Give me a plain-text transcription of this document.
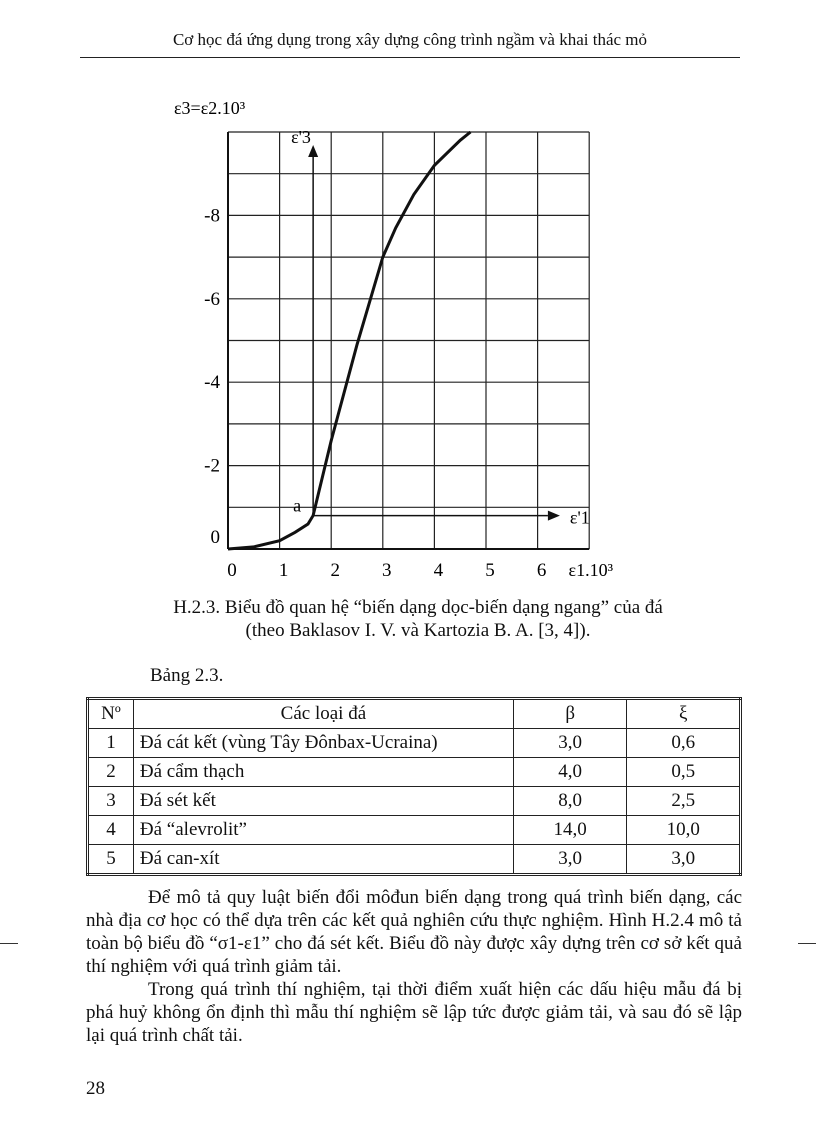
Cơ học đá ứng dụng trong xây dựng công trình ngầm và khai thác mỏ
0 1 2 3 4 5 6 ε1.10³
0
-2
-4
-6
-8
ε3=ε2.10³
ε'1
ε'3
a
H.2.3. Biểu đồ quan hệ “biến dạng dọc-biến dạng ngang” của đá
(theo Baklasov I. V. và Kartozia B. A. [3, 4]).
Bảng 2.3.
Nº	Các loại đá	β	ξ
1	Đá cát kết (vùng Tây Đônbax-Ucraina)	3,0	0,6
2	Đá cẩm thạch	4,0	0,5
3	Đá sét kết	8,0	2,5
4	Đá “alevrolit”	14,0	10,0
5	Đá can-xít	3,0	3,0
Để mô tả quy luật biến đổi môđun biến dạng trong quá trình biến dạng, các nhà địa cơ học có thể dựa trên các kết quả nghiên cứu thực nghiệm. Hình H.2.4 mô tả toàn bộ biểu đồ “σ1-ε1” cho đá sét kết. Biểu đồ này được xây dựng trên cơ sở kết quả thí nghiệm với quá trình giảm tải.
Trong quá trình thí nghiệm, tại thời điểm xuất hiện các dấu hiệu mẫu đá bị phá huỷ không ổn định thì mẫu thí nghiệm sẽ lập tức được giảm tải, và sau đó sẽ lập lại quá trình chất tải.
28
